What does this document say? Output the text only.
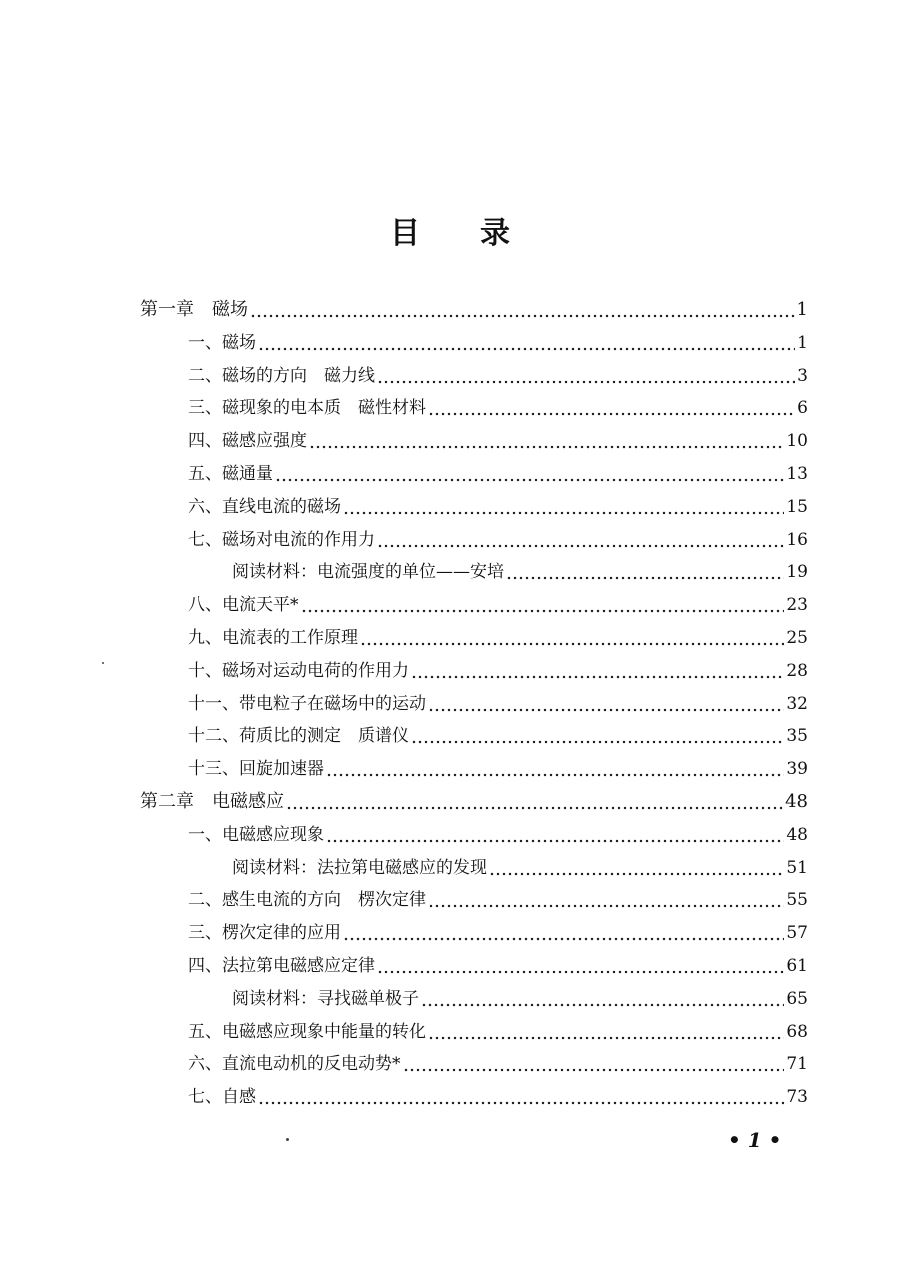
目 录
第一章　磁场	1
一、磁场	1
二、磁场的方向　磁力线	3
三、磁现象的电本质　磁性材料	6
四、磁感应强度	10
五、磁通量	13
六、直线电流的磁场	15
七、磁场对电流的作用力	16
阅读材料：电流强度的单位——安培	19
八、电流天平*	23
九、电流表的工作原理	25
十、磁场对运动电荷的作用力	28
十一、带电粒子在磁场中的运动	32
十二、荷质比的测定　质谱仪	35
十三、回旋加速器	39
第二章　电磁感应	48
一、电磁感应现象	48
阅读材料：法拉第电磁感应的发现	51
二、感生电流的方向　楞次定律	55
三、楞次定律的应用	57
四、法拉第电磁感应定律	61
阅读材料：寻找磁单极子	65
五、电磁感应现象中能量的转化	68
六、直流电动机的反电动势*	71
七、自感	73
• 1 •
